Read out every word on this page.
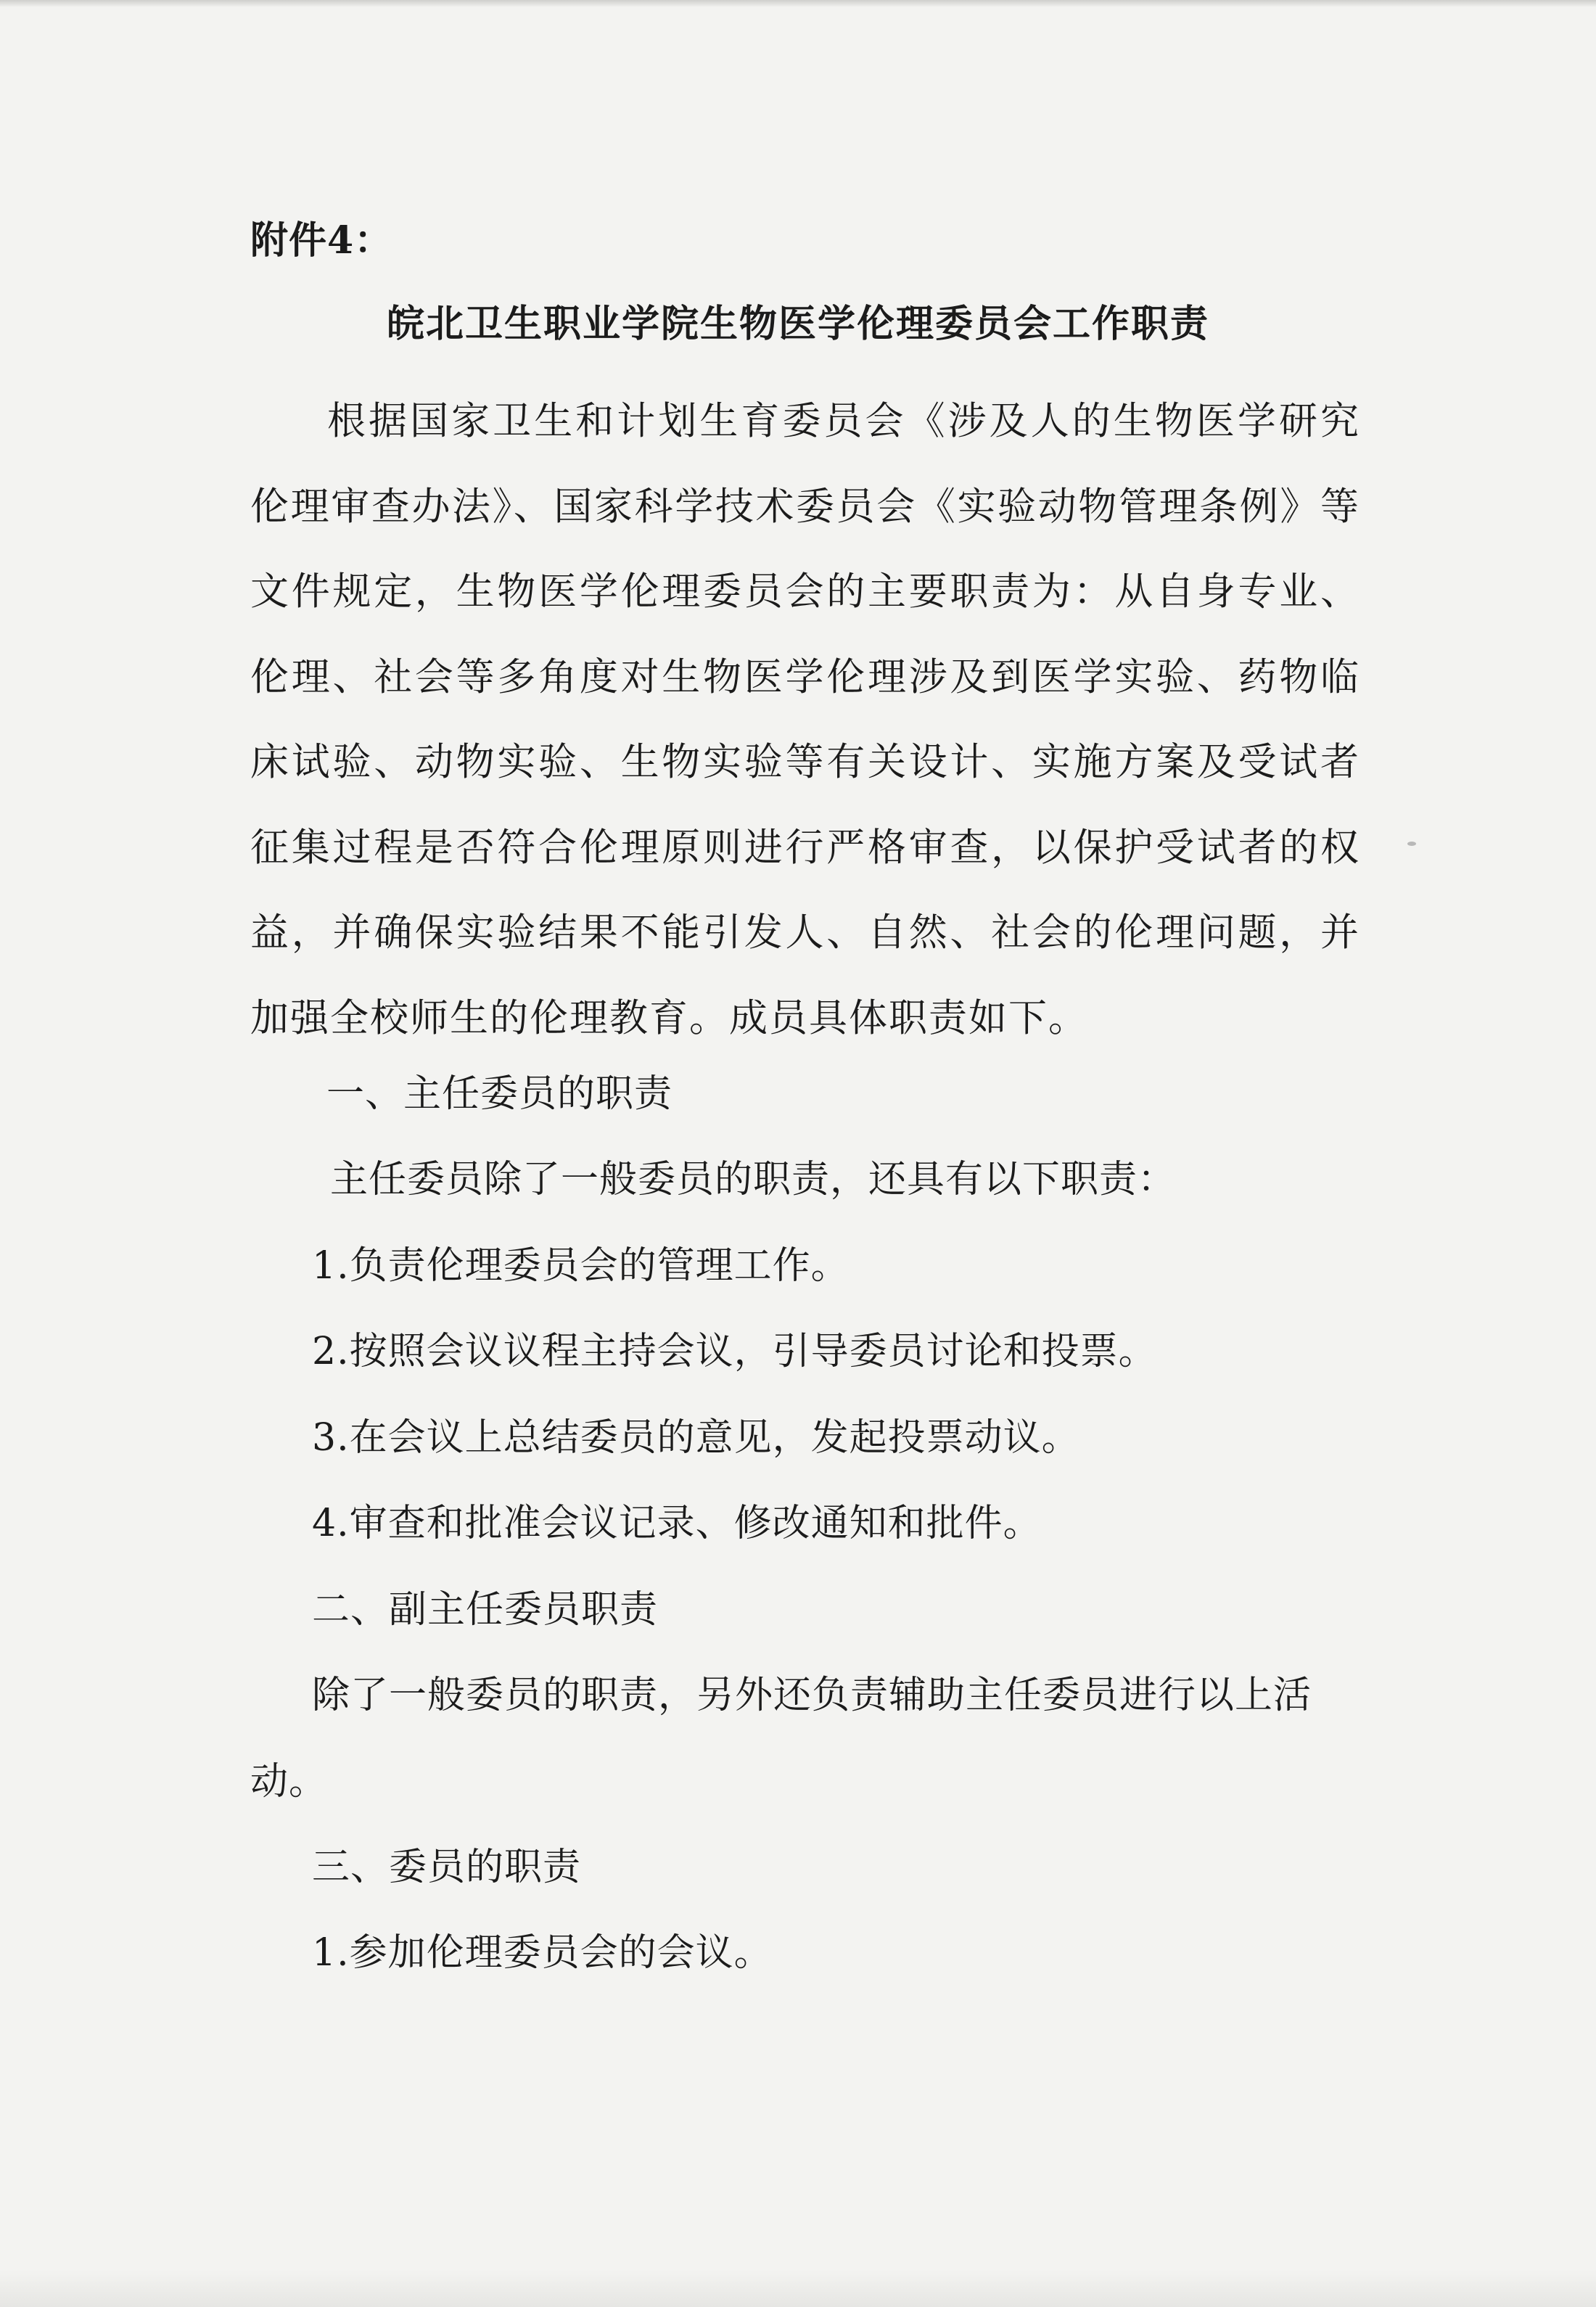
附件4：
皖北卫生职业学院生物医学伦理委员会工作职责
根据国家卫生和计划生育委员会《涉及人的生物医学研究伦理审查办法》、国家科学技术委员会《实验动物管理条例》等文件规定，生物医学伦理委员会的主要职责为：从自身专业、伦理、社会等多角度对生物医学伦理涉及到医学实验、药物临床试验、动物实验、生物实验等有关设计、实施方案及受试者征集过程是否符合伦理原则进行严格审查，以保护受试者的权益，并确保实验结果不能引发人、自然、社会的伦理问题，并加强全校师生的伦理教育。成员具体职责如下。
一、主任委员的职责
主任委员除了一般委员的职责，还具有以下职责：
1.负责伦理委员会的管理工作。
2.按照会议议程主持会议，引导委员讨论和投票。
3.在会议上总结委员的意见，发起投票动议。
4.审查和批准会议记录、修改通知和批件。
二、副主任委员职责
除了一般委员的职责，另外还负责辅助主任委员进行以上活
动。
三、委员的职责
1.参加伦理委员会的会议。
